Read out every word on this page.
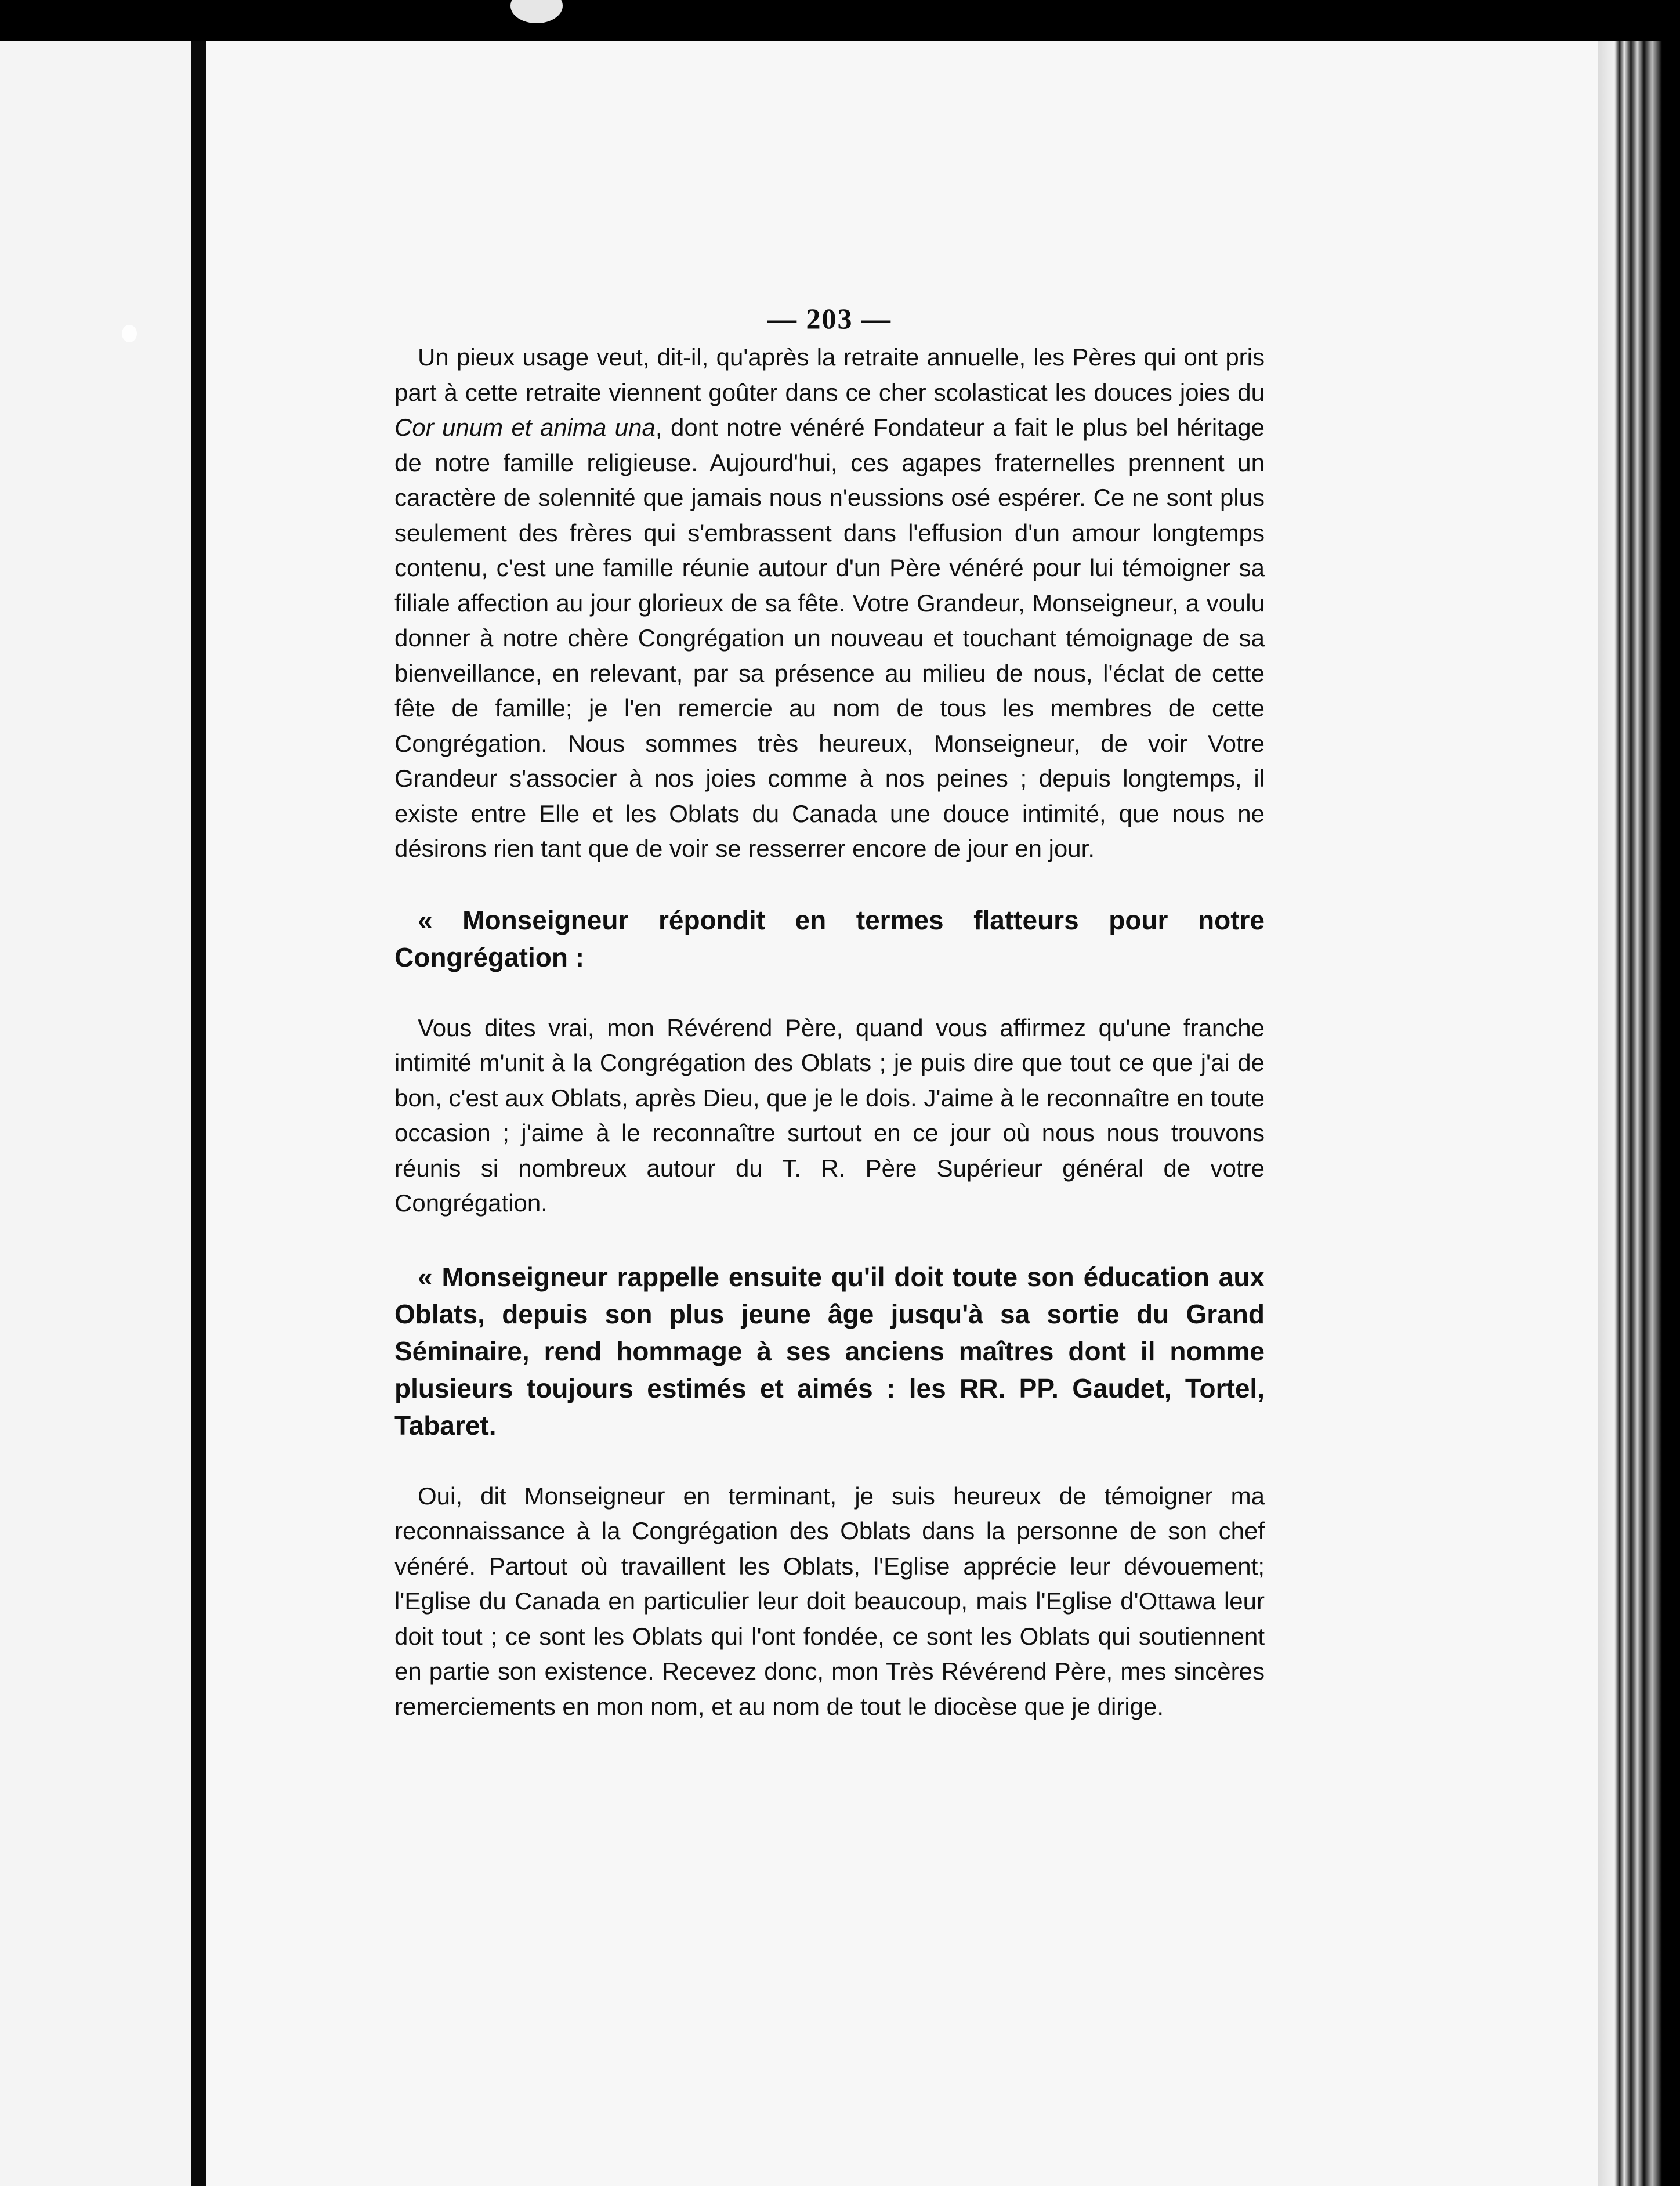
— 203 —

Un pieux usage veut, dit-il, qu'après la retraite annuelle, les Pères qui ont pris part à cette retraite viennent goûter dans ce cher scolasticat les douces joies du Cor unum et anima una, dont notre vénéré Fondateur a fait le plus bel héritage de notre famille religieuse. Aujourd'hui, ces agapes fraternelles prennent un caractère de solennité que jamais nous n'eussions osé espérer. Ce ne sont plus seulement des frères qui s'embrassent dans l'effusion d'un amour longtemps contenu, c'est une famille réunie autour d'un Père vénéré pour lui témoigner sa filiale affection au jour glorieux de sa fête. Votre Grandeur, Monseigneur, a voulu donner à notre chère Congrégation un nouveau et touchant témoignage de sa bienveillance, en relevant, par sa présence au milieu de nous, l'éclat de cette fête de famille; je l'en remercie au nom de tous les membres de cette Congrégation. Nous sommes très heureux, Monseigneur, de voir Votre Grandeur s'associer à nos joies comme à nos peines ; depuis longtemps, il existe entre Elle et les Oblats du Canada une douce intimité, que nous ne désirons rien tant que de voir se resserrer encore de jour en jour.

« Monseigneur répondit en termes flatteurs pour notre Congrégation :

Vous dites vrai, mon Révérend Père, quand vous affirmez qu'une franche intimité m'unit à la Congrégation des Oblats ; je puis dire que tout ce que j'ai de bon, c'est aux Oblats, après Dieu, que je le dois. J'aime à le reconnaître en toute occasion ; j'aime à le reconnaître surtout en ce jour où nous nous trouvons réunis si nombreux autour du T. R. Père Supérieur général de votre Congrégation.

« Monseigneur rappelle ensuite qu'il doit toute son éducation aux Oblats, depuis son plus jeune âge jusqu'à sa sortie du Grand Séminaire, rend hommage à ses anciens maîtres dont il nomme plusieurs toujours estimés et aimés : les RR. PP. Gaudet, Tortel, Tabaret.

Oui, dit Monseigneur en terminant, je suis heureux de témoigner ma reconnaissance à la Congrégation des Oblats dans la personne de son chef vénéré. Partout où travaillent les Oblats, l'Eglise apprécie leur dévouement; l'Eglise du Canada en particulier leur doit beaucoup, mais l'Eglise d'Ottawa leur doit tout ; ce sont les Oblats qui l'ont fondée, ce sont les Oblats qui soutiennent en partie son existence. Recevez donc, mon Très Révérend Père, mes sincères remerciements en mon nom, et au nom de tout le diocèse que je dirige.
